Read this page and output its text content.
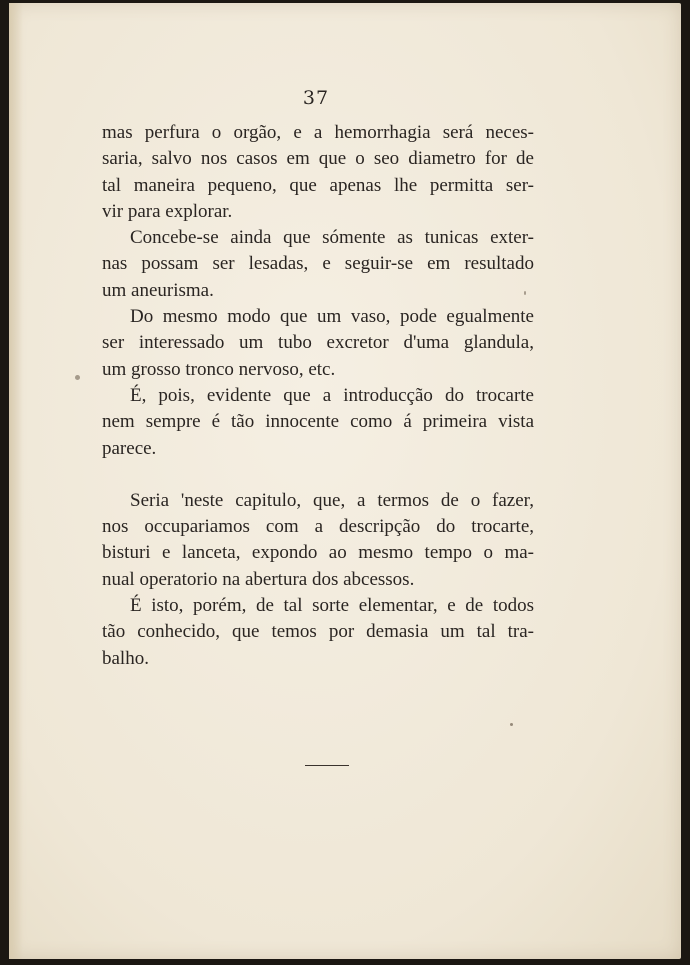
37
mas perfura o orgão, e a hemorrhagia será neces-
saria, salvo nos casos em que o seo diametro for de
tal maneira pequeno, que apenas lhe permitta ser-
vir para explorar.
Concebe-se ainda que sómente as tunicas exter-
nas possam ser lesadas, e seguir-se em resultado
um aneurisma.
Do mesmo modo que um vaso, pode egualmente
ser interessado um tubo excretor d'uma glandula,
um grosso tronco nervoso, etc.
É, pois, evidente que a introducção do trocarte
nem sempre é tão innocente como á primeira vista
parece.
Seria 'neste capitulo, que, a termos de o fazer,
nos occupariamos com a descripção do trocarte,
bisturi e lanceta, expondo ao mesmo tempo o ma-
nual operatorio na abertura dos abcessos.
É isto, porém, de tal sorte elementar, e de todos
tão conhecido, que temos por demasia um tal tra-
balho.
